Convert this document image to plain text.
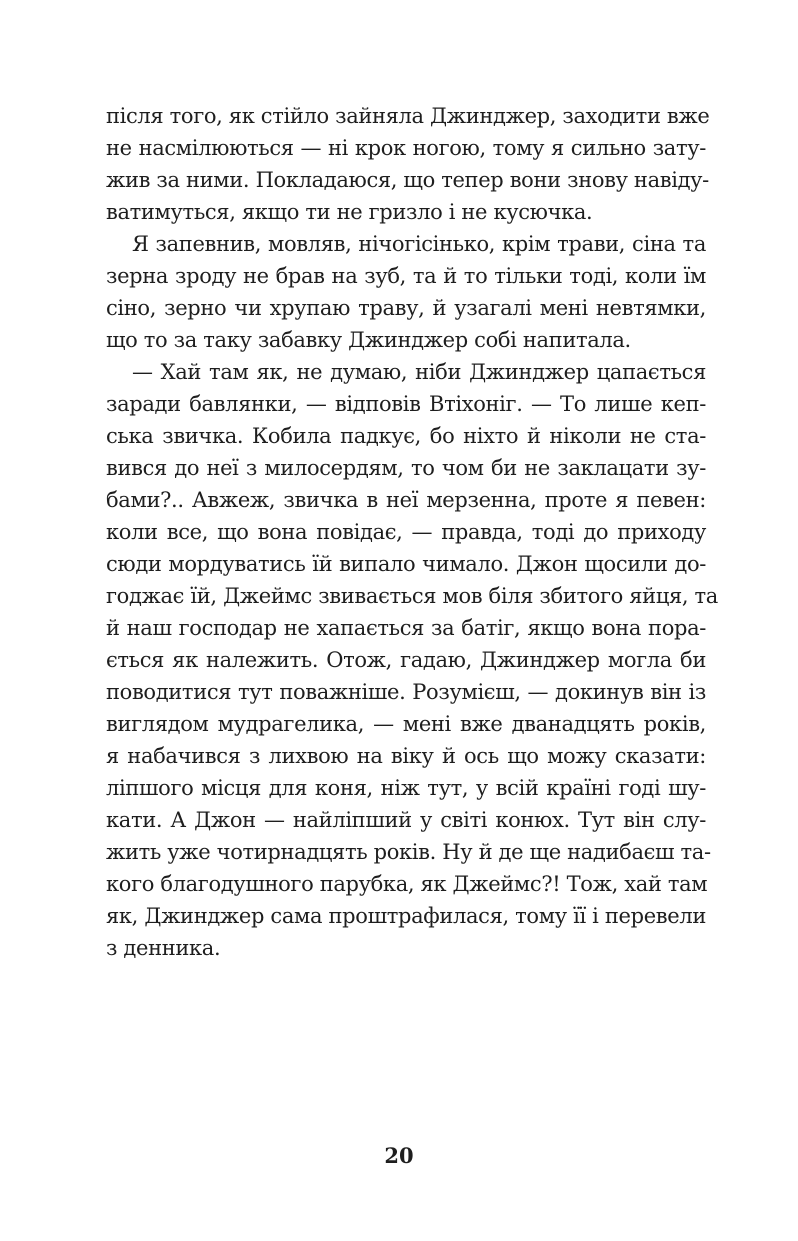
після того, як стійло зайняла Джинджер, заходити вже
не насмілюються — ні крок ногою, тому я сильно зату-
жив за ними. Покладаюся, що тепер вони знову навіду-
ватимуться, якщо ти не гризло і не кусючка.
Я запевнив, мовляв, нічогісінько, крім трави, сіна та
зерна зроду не брав на зуб, та й то тільки тоді, коли їм
сіно, зерно чи хрупаю траву, й узагалі мені невтямки,
що то за таку забавку Джинджер собі напитала.
— Хай там як, не думаю, ніби Джинджер цапається
заради бавлянки, — відповів Втіхоніг. — То лише кеп-
ська звичка. Кобила падкує, бо ніхто й ніколи не ста-
вився до неї з милосердям, то чом би не заклацати зу-
бами?.. Авжеж, звичка в неї мерзенна, проте я певен:
коли все, що вона повідає, — правда, тоді до приходу
сюди мордуватись їй випало чимало. Джон щосили до-
годжає їй, Джеймс звивається мов біля збитого яйця, та
й наш господар не хапається за батіг, якщо вона пора-
ється як належить. Отож, гадаю, Джинджер могла би
поводитися тут поважніше. Розумієш, — докинув він із
виглядом мудрагелика, — мені вже дванадцять років,
я набачився з лихвою на віку й ось що можу сказати:
ліпшого місця для коня, ніж тут, у всій країні годі шу-
кати. А Джон — найліпший у світі конюх. Тут він слу-
жить уже чотирнадцять років. Ну й де ще надибаєш та-
кого благодушного парубка, як Джеймс?! Тож, хай там
як, Джинджер сама проштрафилася, тому її і перевели
з денника.
20
